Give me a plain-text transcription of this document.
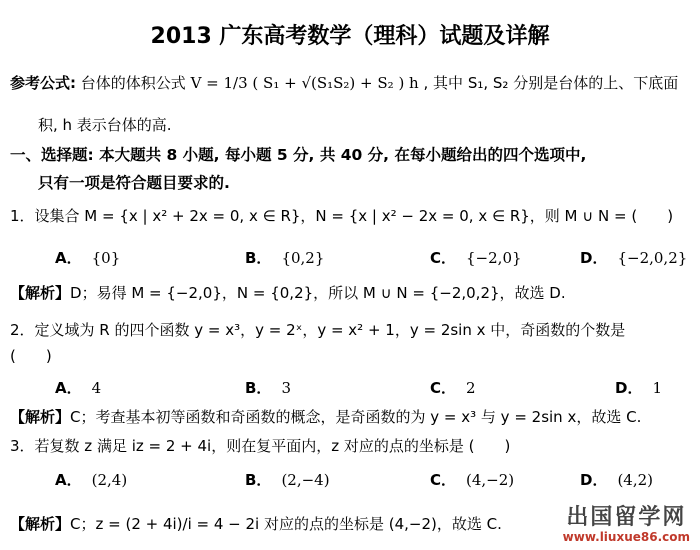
2013 广东高考数学（理科）试题及详解
参考公式: 台体的体积公式 V = 1/3 ( S₁ + √(S₁S₂) + S₂ ) h , 其中 S₁, S₂ 分别是台体的上、下底面
积, h 表示台体的高.
一、选择题: 本大题共 8 小题, 每小题 5 分, 共 40 分, 在每小题给出的四个选项中,
只有一项是符合题目要求的.
1．设集合 M = {x | x² + 2x = 0, x ∈ R}，N = {x | x² − 2x = 0, x ∈ R}，则 M ∪ N = (　　)
A． {0}	B． {0,2}	C． {−2,0}	D． {−2,0,2}
【解析】D；易得 M = {−2,0}，N = {0,2}，所以 M ∪ N = {−2,0,2}，故选 D.
2．定义域为 R 的四个函数 y = x³，y = 2ˣ，y = x² + 1，y = 2sin x 中，奇函数的个数是
(　　)
A． 4	B． 3	C． 2	D． 1
【解析】C；考查基本初等函数和奇函数的概念，是奇函数的为 y = x³ 与 y = 2sin x，故选 C.
3．若复数 z 满足 iz = 2 + 4i，则在复平面内，z 对应的点的坐标是 (　　)
A． (2,4)	B． (2,−4)	C． (4,−2)	D． (4,2)
【解析】C；z = (2 + 4i)/i = 4 − 2i 对应的点的坐标是 (4,−2)，故选 C.	出国留学网
www.liuxue86.com
